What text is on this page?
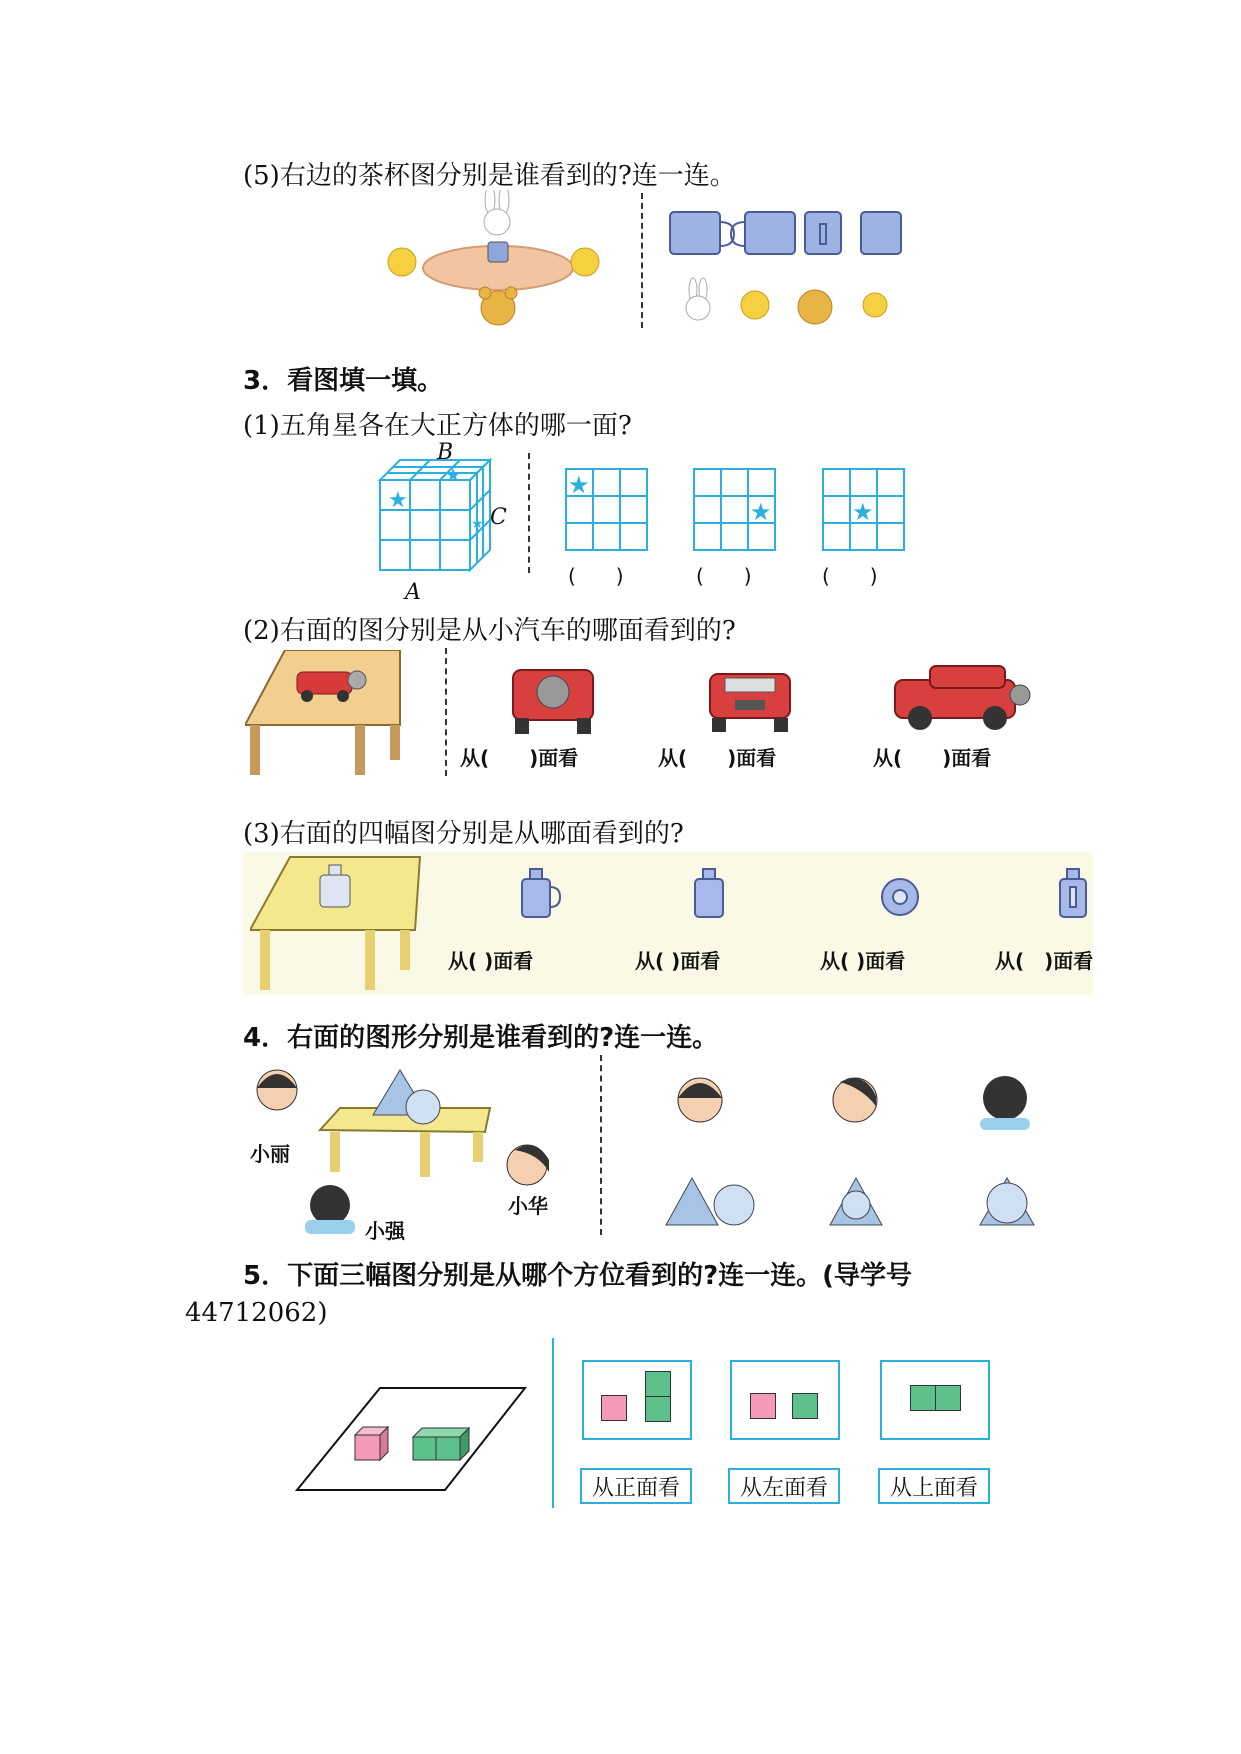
(5)右边的茶杯图分别是谁看到的?连一连。
3．看图填一填。
(1)五角星各在大正方体的哪一面?
★
★
★
B
C
A
★
★	★
(　　)	(　　)	(　　)
(2)右面的图分别是从小汽车的哪面看到的?
从(　　)面看	从(　　)面看	从(　　)面看
(3)右面的四幅图分别是从哪面看到的?
从( )面看	从( )面看	从( )面看	从(　)面看
4．右面的图形分别是谁看到的?连一连。
小丽
小强
小华
5．下面三幅图分别是从哪个方位看到的?连一连。(导学号
44712062)
从正面看	从左面看	从上面看
